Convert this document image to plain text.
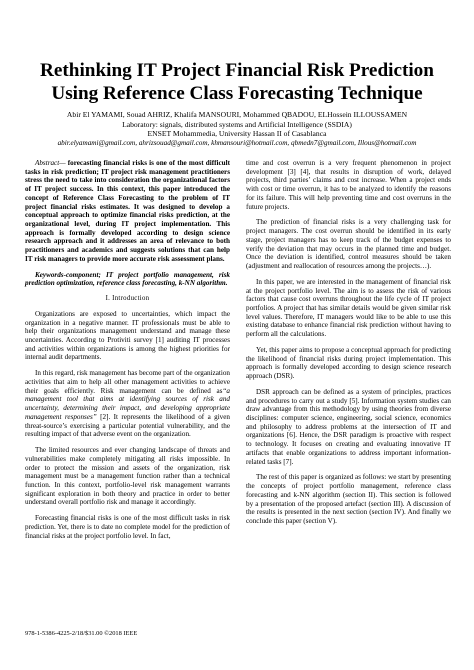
Rethinking IT Project Financial Risk Prediction
Using Reference Class Forecasting Technique
Abir El YAMAMI, Souad AHRIZ, Khalifa MANSOURI, Mohammed QBADOU, ELHossein ILLOUSSAMEN
Laboratory: signals, distributed systems and Artificial Intelligence (SSDIA)
ENSET Mohammedia, University Hassan II of Casablanca
abir.elyamami@gmail.com, ahrizsouad@gmail.com, khmansouri@hotmail.com, qbmedn7@gmail.com, Illous@hotmail.com

Abstract— forecasting financial risks is one of the most difficult tasks in risk prediction; IT project risk management practitioners stress the need to take into consideration the organizational factors of IT project success. In this context, this paper introduced the concept of Reference Class Forecasting to the problem of IT project financial risks estimates. It was designed to develop a conceptual approach to optimize financial risks prediction, at the organizational level, during IT project implementation. This approach is formally developed according to design science research approach and it addresses an area of relevance to both practitioners and academics and suggests solutions that can help IT risk managers to provide more accurate risk assessment plans.

Keywords-component; IT project portfolio management, risk prediction optimization, reference class forecasting, k-NN algorithm.

I. Introduction

Organizations are exposed to uncertainties, which impact the organization in a negative manner. IT professionals must be able to help their organizations management understand and manage these uncertainties. According to Protiviti survey [1] auditing IT processes and activities within organizations is among the highest priorities for internal audit departments.

In this regard, risk management has become part of the organization activities that aim to help all other management activities to achieve their goals efficiently. Risk management can be defined as“a management tool that aims at identifying sources of risk and uncertainty, determining their impact, and developing appropriate management responses” [2]. It represents the likelihood of a given threat-source’s exercising a particular potential vulnerability, and the resulting impact of that adverse event on the organization.

The limited resources and ever changing landscape of threats and vulnerabilities make completely mitigating all risks impossible. In order to protect the mission and assets of the organization, risk management must be a management function rather than a technical function. In this context, portfolio-level risk management warrants significant exploration in both theory and practice in order to better understand overall portfolio risk and manage it accordingly.

Forecasting financial risks is one of the most difficult tasks in risk prediction. Yet, there is to date no complete model for the prediction of financial risks at the project portfolio level. In fact,

time and cost overrun is a very frequent phenomenon in project development [3] [4], that results in disruption of work, delayed projects, third parties’ claims and cost increase. When a project ends with cost or time overrun, it has to be analyzed to identify the reasons for its failure. This will help preventing time and cost overruns in the future projects.

The prediction of financial risks is a very challenging task for project managers. The cost overrun should be identified in its early stage, project managers has to keep track of the budget expenses to verify the deviation that may occurs in the planned time and budget. Once the deviation is identified, control measures should be taken (adjustment and reallocation of resources among the projects…).

In this paper, we are interested in the management of financial risk at the project portfolio level. The aim is to assess the risk of various factors that cause cost overruns throughout the life cycle of IT project portfolios. A project that has similar details would be given similar risk level values. Therefore, IT managers would like to be able to use this existing database to enhance financial risk prediction without having to perform all the calculations.

Yet, this paper aims to propose a conceptual approach for predicting the likelihood of financial risks during project implementation. This approach is formally developed according to design science research approach (DSR).

DSR approach can be defined as a system of principles, practices and procedures to carry out a study [5]. Information system studies can draw advantage from this methodology by using theories from diverse disciplines: computer science, engineering, social science, economics and philosophy to address problems at the intersection of IT and organizations [6]. Hence, the DSR paradigm is proactive with respect to technology. It focuses on creating and evaluating innovative IT artifacts that enable organizations to address important information-related tasks [7].

The rest of this paper is organized as follows: we start by presenting the concepts of project portfolio management, reference class forecasting and k-NN algorithm (section II). This section is followed by a presentation of the proposed artefact (section III). A discussion of the results is presented in the next section (section IV). And finally we conclude this paper (section V).

978-1-5386-4225-2/18/$31.00 ©2018 IEEE
